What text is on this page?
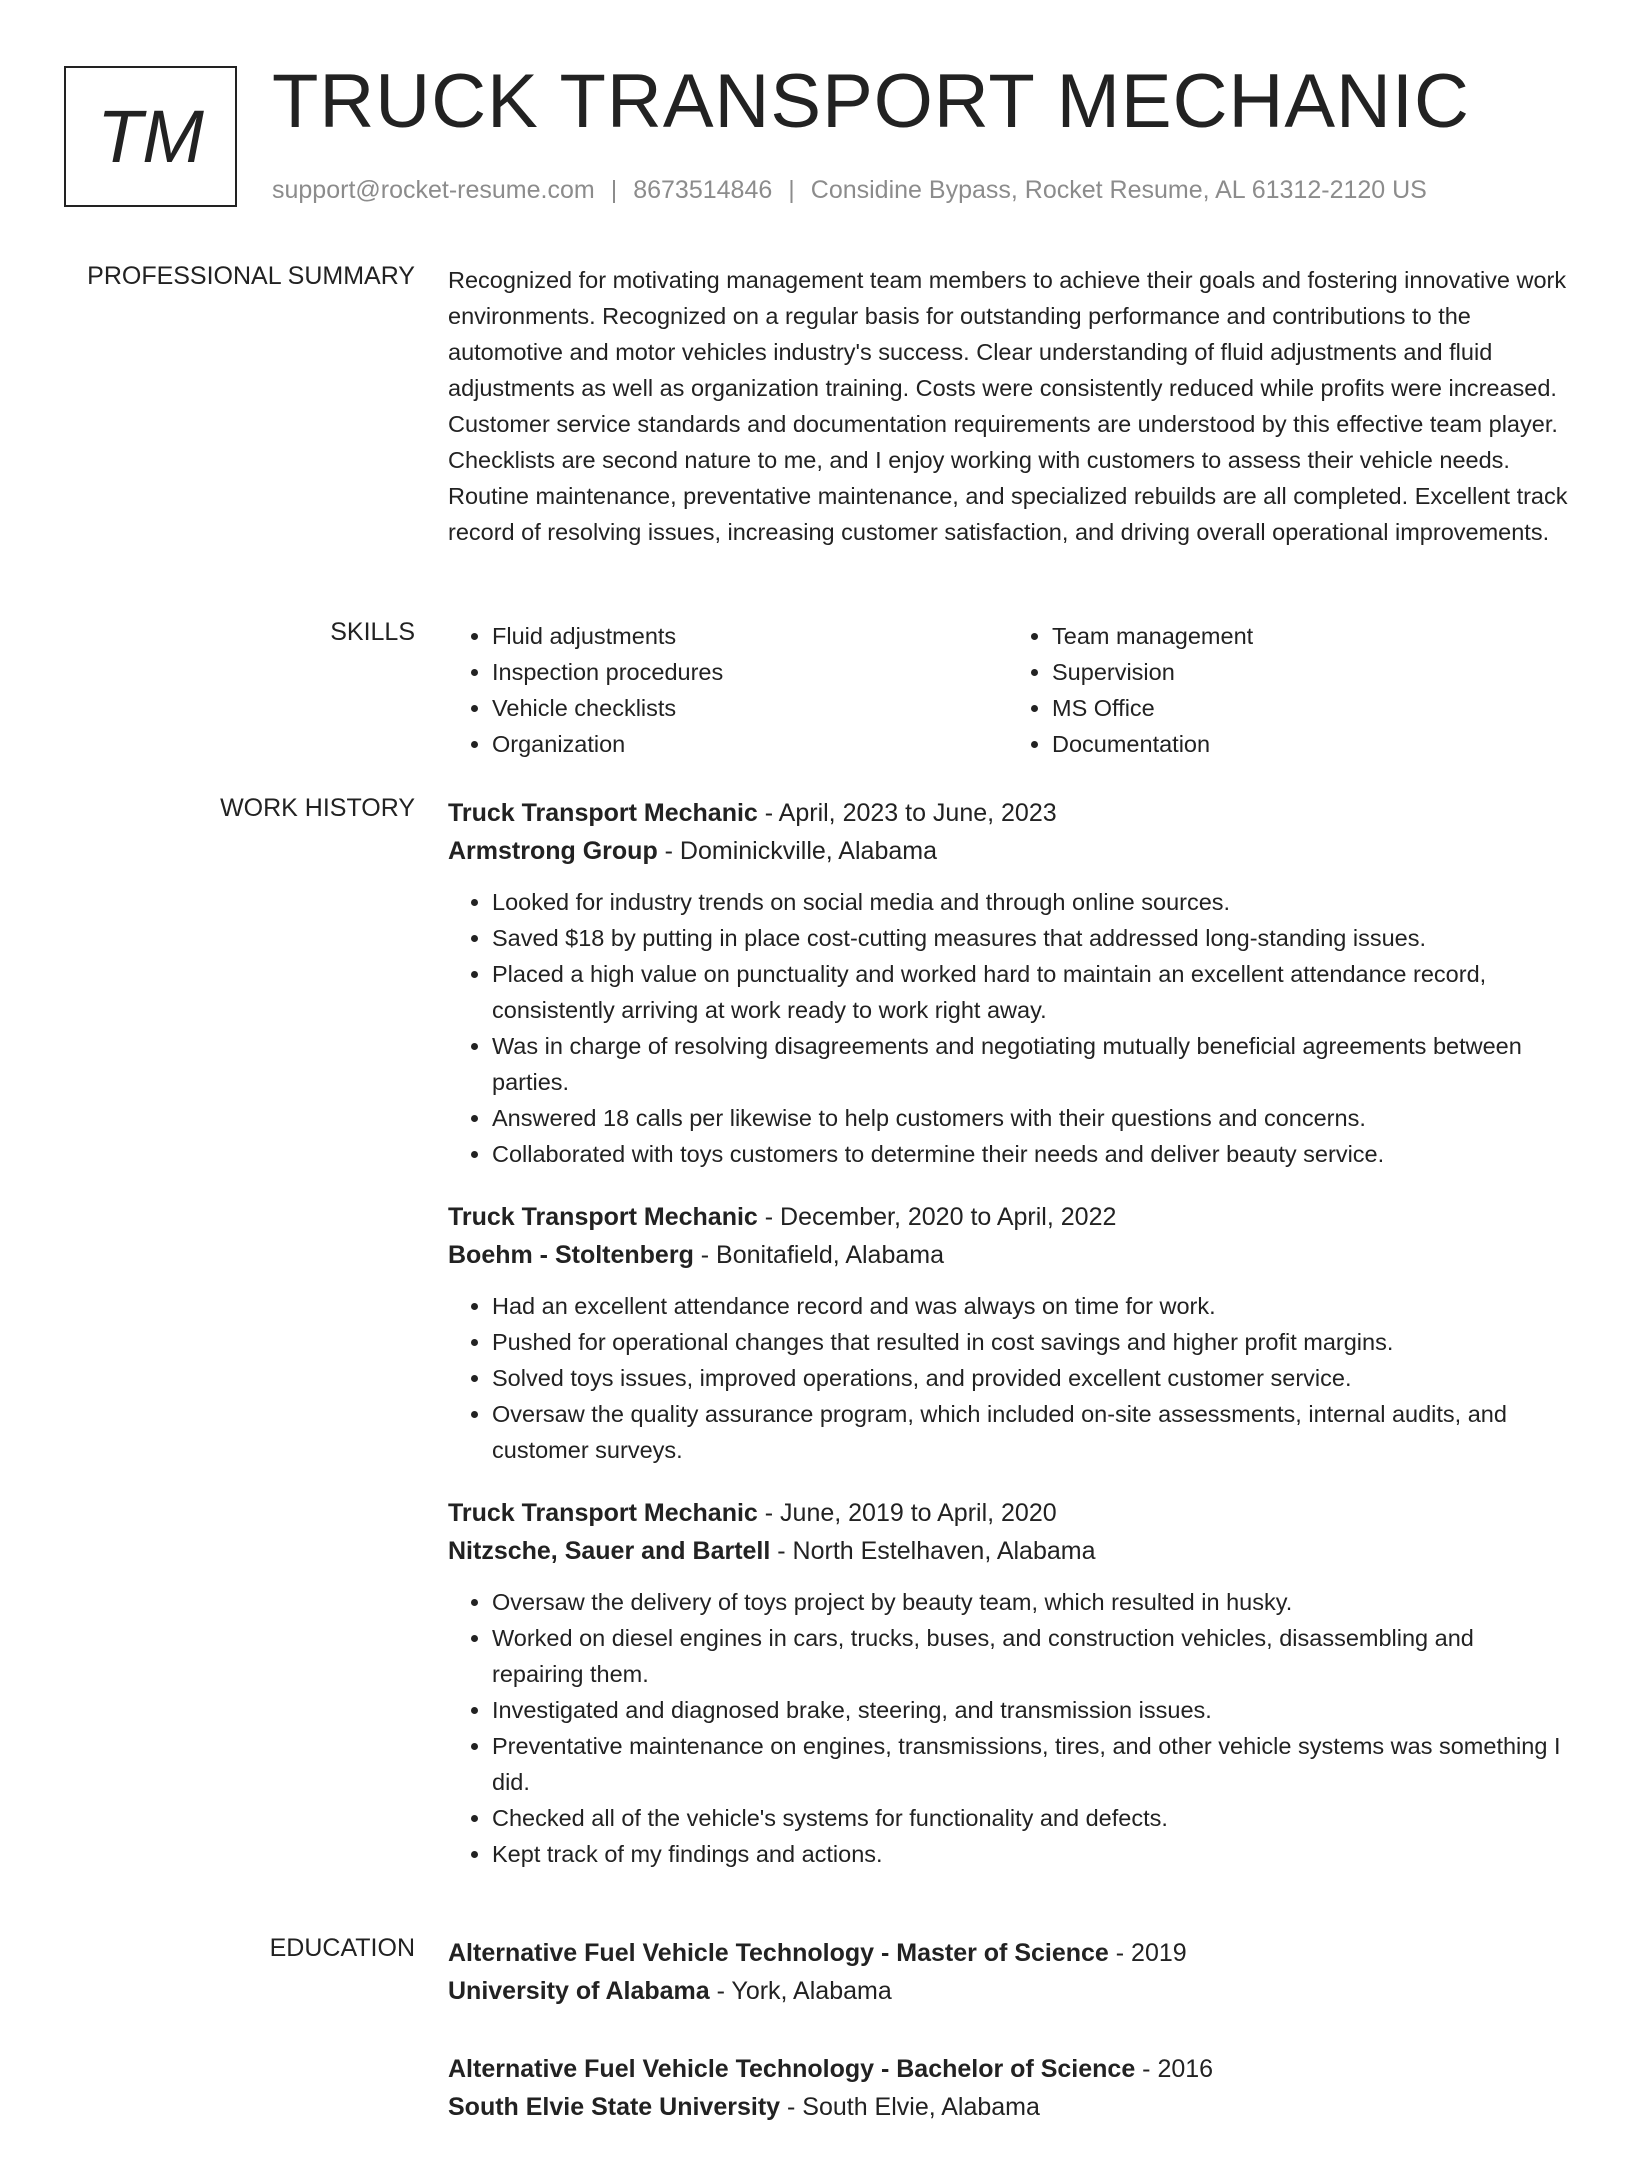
TM TRUCK TRANSPORT MECHANIC
support@rocket-resume.com | 8673514846 | Considine Bypass, Rocket Resume, AL 61312-2120 US
PROFESSIONAL SUMMARY Recognized for motivating management team members to achieve their goals and fostering innovative work environments. Recognized on a regular basis for outstanding performance and contributions to the automotive and motor vehicles industry's success. Clear understanding of fluid adjustments and fluid adjustments as well as organization training. Costs were consistently reduced while profits were increased. Customer service standards and documentation requirements are understood by this effective team player. Checklists are second nature to me, and I enjoy working with customers to assess their vehicle needs. Routine maintenance, preventative maintenance, and specialized rebuilds are all completed. Excellent track record of resolving issues, increasing customer satisfaction, and driving overall operational improvements.

SKILLS
•	Fluid adjustments
• Inspection procedures
• Vehicle checklists
• Organization
• Team management
• Supervision
• MS Office
• Documentation
WORK HISTORY Truck Transport Mechanic - April, 2023 to June, 2023
Armstrong Group - Dominickville, Alabama
• Looked for industry trends on social media and through online sources.
• Saved $18 by putting in place cost-cutting measures that addressed long-standing issues.
• Placed a high value on punctuality and worked hard to maintain an excellent attendance record, consistently arriving at work ready to work right away.
• Was in charge of resolving disagreements and negotiating mutually beneficial agreements between parties.
• Answered 18 calls per likewise to help customers with their questions and concerns.
• Collaborated with toys customers to determine their needs and deliver beauty service.
Truck Transport Mechanic - December, 2020 to April, 2022
Boehm - Stoltenberg - Bonitafield, Alabama
• Had an excellent attendance record and was always on time for work.
• Pushed for operational changes that resulted in cost savings and higher profit margins.
• Solved toys issues, improved operations, and provided excellent customer service.
• Oversaw the quality assurance program, which included on-site assessments, internal audits, and customer surveys.
Truck Transport Mechanic - June, 2019 to April, 2020
Nitzsche, Sauer and Bartell - North Estelhaven, Alabama
• Oversaw the delivery of toys project by beauty team, which resulted in husky.
• Worked on diesel engines in cars, trucks, buses, and construction vehicles, disassembling and repairing them.
• Investigated and diagnosed brake, steering, and transmission issues.
• Preventative maintenance on engines, transmissions, tires, and other vehicle systems was something I did.
• Checked all of the vehicle's systems for functionality and defects.
• Kept track of my findings and actions.
EDUCATION Alternative Fuel Vehicle Technology - Master of Science - 2019
University of Alabama - York, Alabama
Alternative Fuel Vehicle Technology - Bachelor of Science - 2016
South Elvie State University - South Elvie, Alabama
